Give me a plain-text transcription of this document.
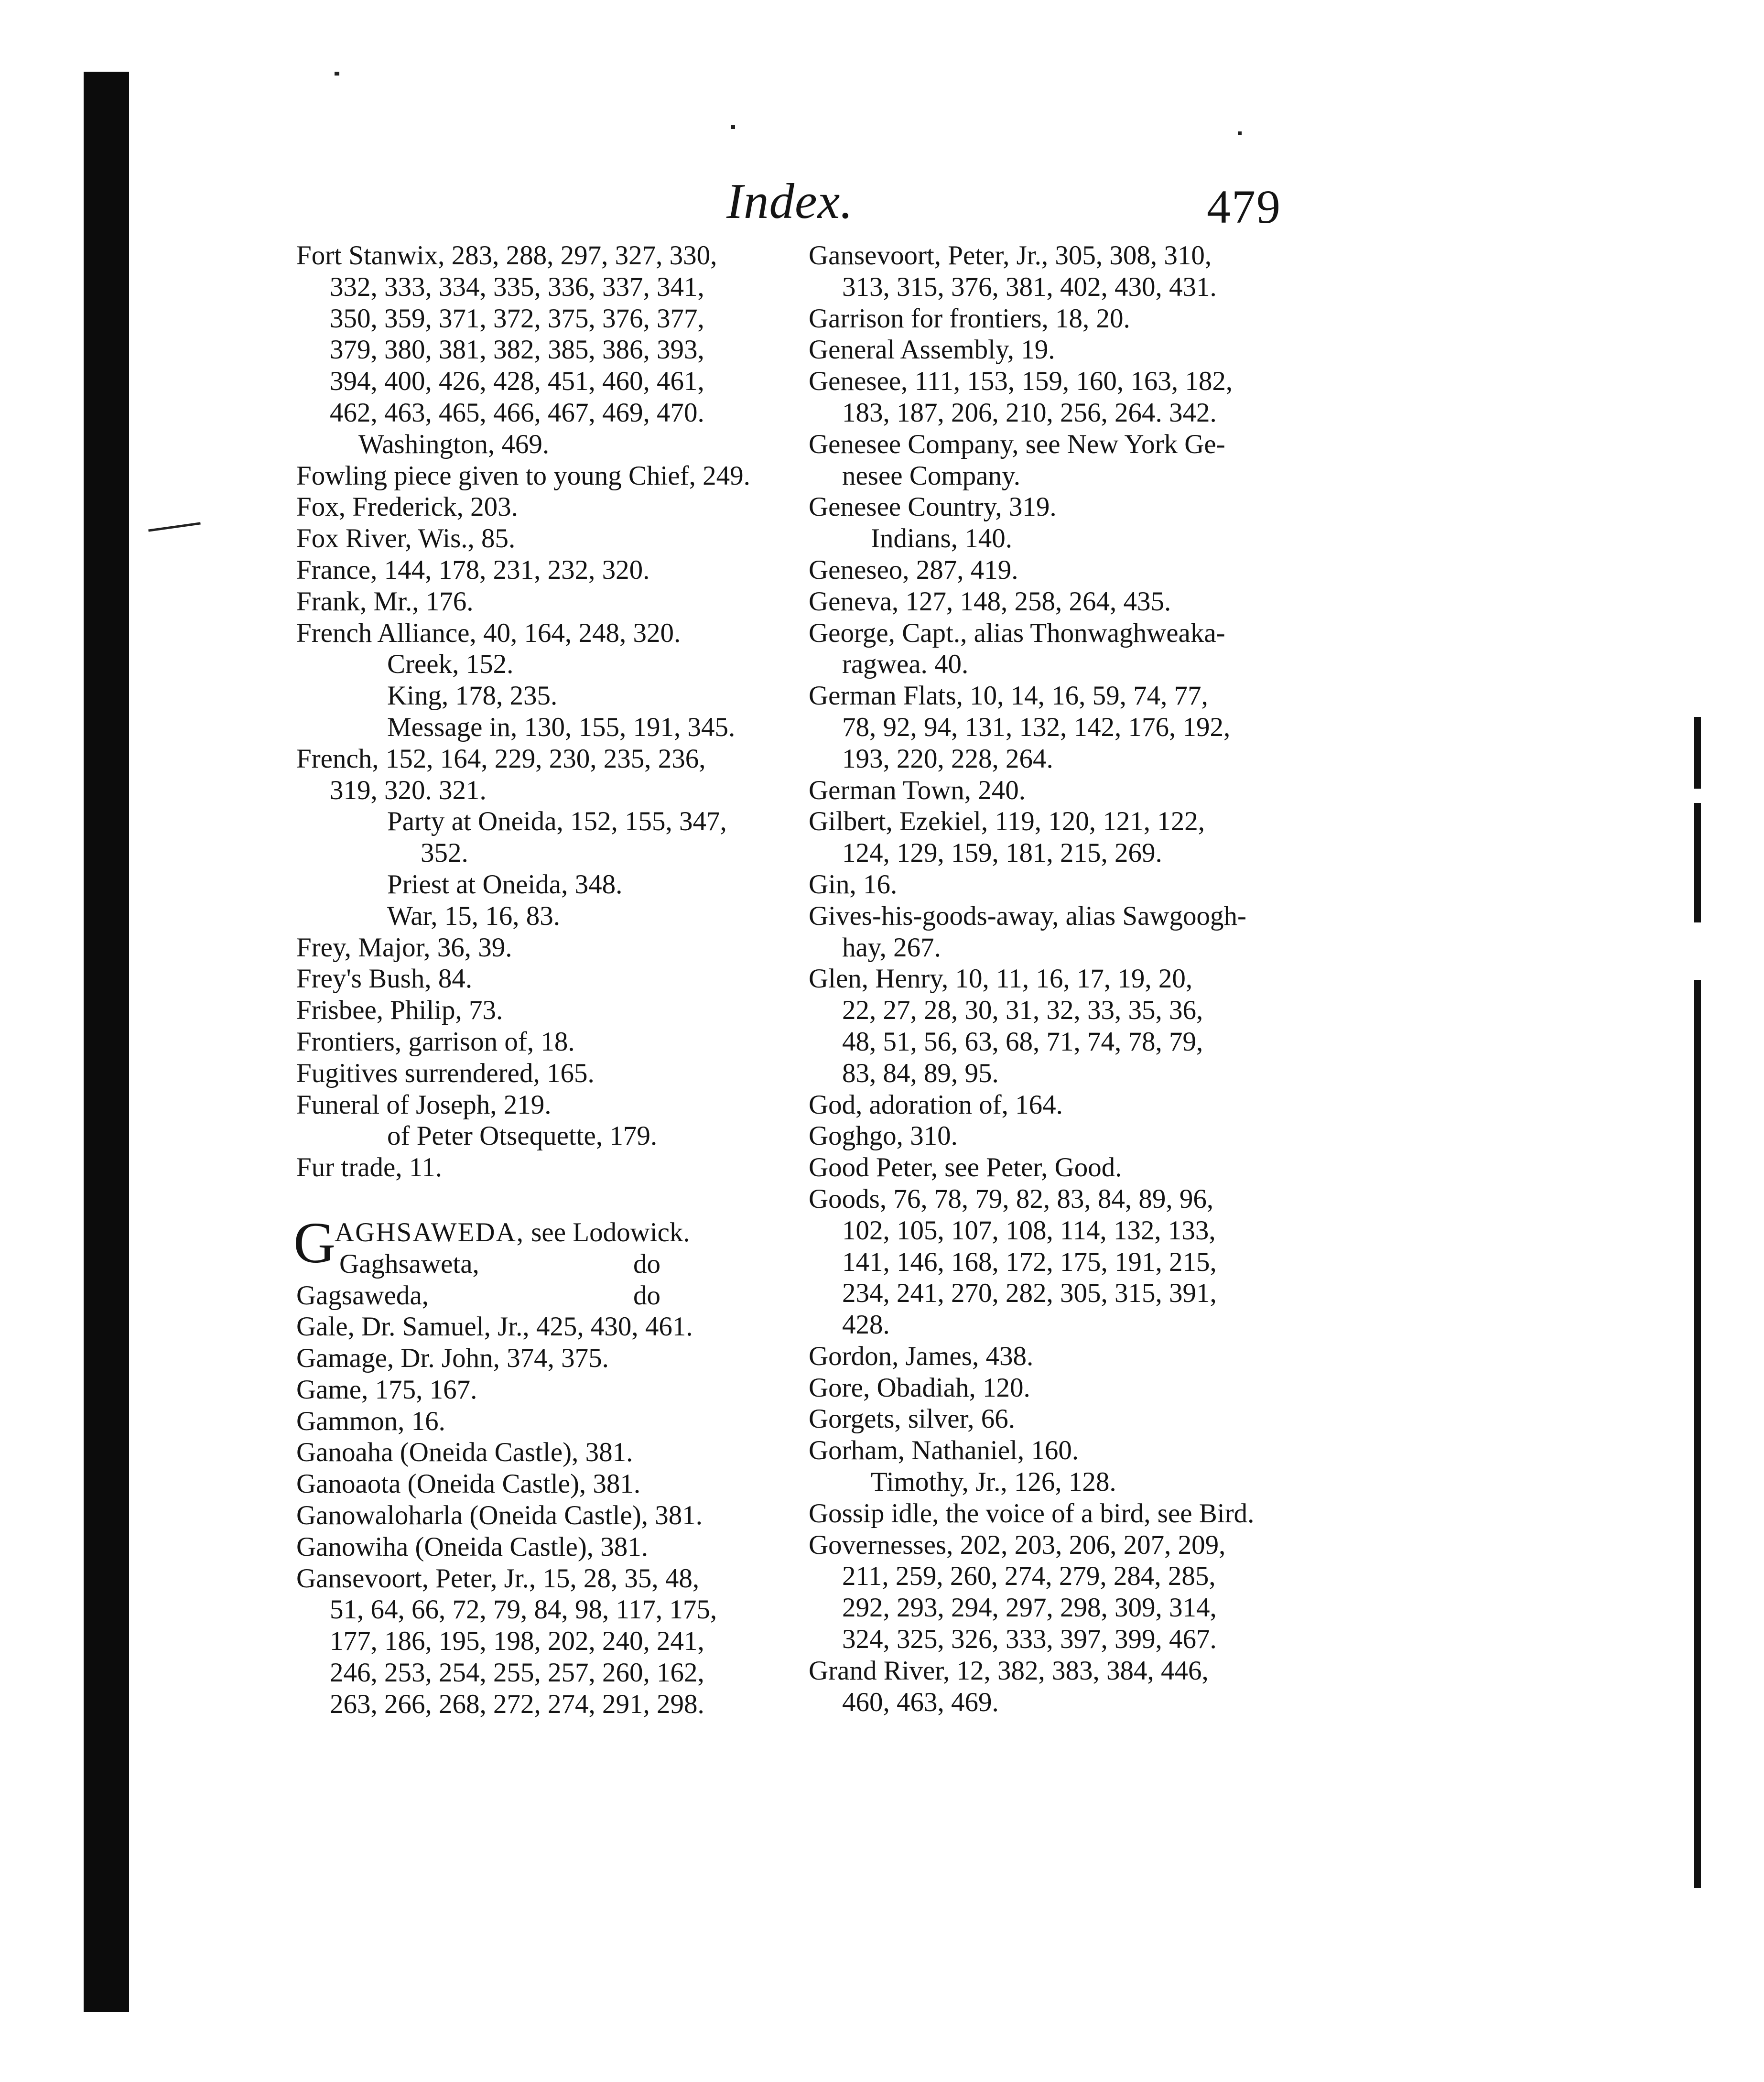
Index.	479
Fort Stanwix, 283, 288, 297, 327, 330,
332, 333, 334, 335, 336, 337, 341,
350, 359, 371, 372, 375, 376, 377,
379, 380, 381, 382, 385, 386, 393,
394, 400, 426, 428, 451, 460, 461,
462, 463, 465, 466, 467, 469, 470.
Washington, 469.
Fowling piece given to young Chief, 249.
Fox, Frederick, 203.
Fox River, Wis., 85.
France, 144, 178, 231, 232, 320.
Frank, Mr., 176.
French Alliance, 40, 164, 248, 320.
Creek, 152.
King, 178, 235.
Message in, 130, 155, 191, 345.
French, 152, 164, 229, 230, 235, 236,
319, 320. 321.
Party at Oneida, 152, 155, 347,
352.
Priest at Oneida, 348.
War, 15, 16, 83.
Frey, Major, 36, 39.
Frey's Bush, 84.
Frisbee, Philip, 73.
Frontiers, garrison of, 18.
Fugitives surrendered, 165.
Funeral of Joseph, 219.
of Peter Otsequette, 179.
Fur trade, 11.
G
AGHSAWEDA, see Lodowick.
Gaghsaweta,	do
Gagsaweda,	do
Gale, Dr. Samuel, Jr., 425, 430, 461.
Gamage, Dr. John, 374, 375.
Game, 175, 167.
Gammon, 16.
Ganoaha (Oneida Castle), 381.
Ganoaota (Oneida Castle), 381.
Ganowaloharla (Oneida Castle), 381.
Ganowiha (Oneida Castle), 381.
Gansevoort, Peter, Jr., 15, 28, 35, 48,
51, 64, 66, 72, 79, 84, 98, 117, 175,
177, 186, 195, 198, 202, 240, 241,
246, 253, 254, 255, 257, 260, 162,
263, 266, 268, 272, 274, 291, 298.
Gansevoort, Peter, Jr., 305, 308, 310,
313, 315, 376, 381, 402, 430, 431.
Garrison for frontiers, 18, 20.
General Assembly, 19.
Genesee, 111, 153, 159, 160, 163, 182,
183, 187, 206, 210, 256, 264. 342.
Genesee Company, see New York Ge-
nesee Company.
Genesee Country, 319.
Indians, 140.
Geneseo, 287, 419.
Geneva, 127, 148, 258, 264, 435.
George, Capt., alias Thonwaghweaka-
ragwea. 40.
German Flats, 10, 14, 16, 59, 74, 77,
78, 92, 94, 131, 132, 142, 176, 192,
193, 220, 228, 264.
German Town, 240.
Gilbert, Ezekiel, 119, 120, 121, 122,
124, 129, 159, 181, 215, 269.
Gin, 16.
Gives-his-goods-away, alias Sawgoogh-
hay, 267.
Glen, Henry, 10, 11, 16, 17, 19, 20,
22, 27, 28, 30, 31, 32, 33, 35, 36,
48, 51, 56, 63, 68, 71, 74, 78, 79,
83, 84, 89, 95.
God, adoration of, 164.
Goghgo, 310.
Good Peter, see Peter, Good.
Goods, 76, 78, 79, 82, 83, 84, 89, 96,
102, 105, 107, 108, 114, 132, 133,
141, 146, 168, 172, 175, 191, 215,
234, 241, 270, 282, 305, 315, 391,
428.
Gordon, James, 438.
Gore, Obadiah, 120.
Gorgets, silver, 66.
Gorham, Nathaniel, 160.
Timothy, Jr., 126, 128.
Gossip idle, the voice of a bird, see Bird.
Governesses, 202, 203, 206, 207, 209,
211, 259, 260, 274, 279, 284, 285,
292, 293, 294, 297, 298, 309, 314,
324, 325, 326, 333, 397, 399, 467.
Grand River, 12, 382, 383, 384, 446,
460, 463, 469.
